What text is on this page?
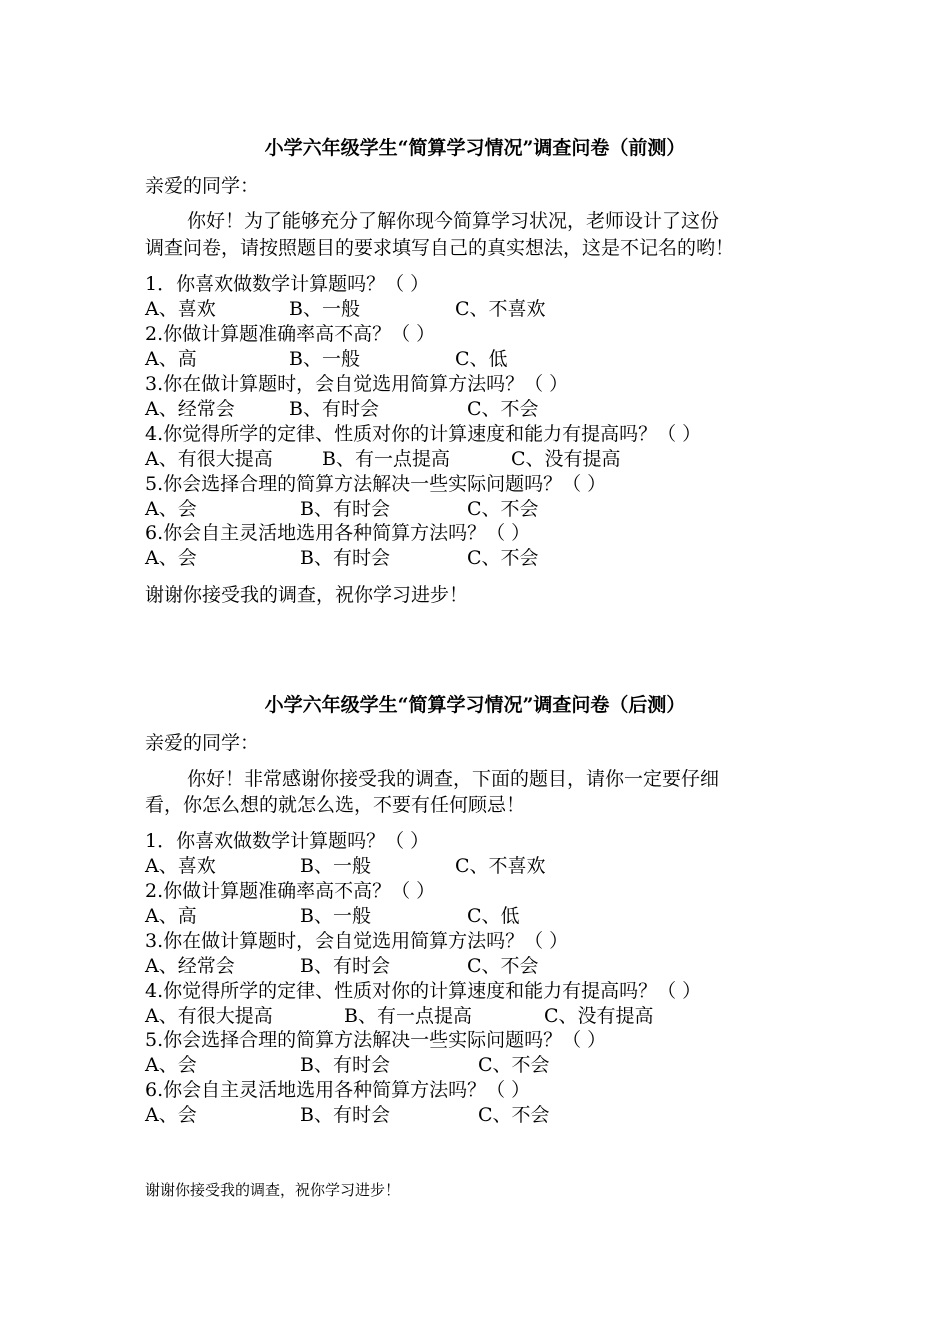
小学六年级学生“简算学习情况”调查问卷（前测）
亲爱的同学：
你好！为了能够充分了解你现今简算学习状况，老师设计了这份
调查问卷，请按照题目的要求填写自己的真实想法，这是不记名的哟！
1．你喜欢做数学计算题吗？（ ）
A、喜欢	B、一般	C、不喜欢
2.你做计算题准确率高不高？（ ）
A、高	B、一般	C、低
3.你在做计算题时，会自觉选用简算方法吗？（ ）
A、经常会	B、有时会	C、不会
4.你觉得所学的定律、性质对你的计算速度和能力有提高吗？（ ）
A、有很大提高	B、有一点提高	C、没有提高
5.你会选择合理的简算方法解决一些实际问题吗？（ ）
A、会	B、有时会	C、不会
6.你会自主灵活地选用各种简算方法吗？（ ）
A、会	B、有时会	C、不会
谢谢你接受我的调查，祝你学习进步！
小学六年级学生“简算学习情况”调查问卷（后测）
亲爱的同学：
你好！非常感谢你接受我的调查，下面的题目，请你一定要仔细
看，你怎么想的就怎么选，不要有任何顾忌！
1．你喜欢做数学计算题吗？（ ）
A、喜欢	B、一般	C、不喜欢
2.你做计算题准确率高不高？（ ）
A、高	B、一般	C、低
3.你在做计算题时，会自觉选用简算方法吗？（ ）
A、经常会	B、有时会	C、不会
4.你觉得所学的定律、性质对你的计算速度和能力有提高吗？（ ）
A、有很大提高	B、有一点提高	C、没有提高
5.你会选择合理的简算方法解决一些实际问题吗？（ ）
A、会	B、有时会	C、不会
6.你会自主灵活地选用各种简算方法吗？（ ）
A、会	B、有时会	C、不会
谢谢你接受我的调查，祝你学习进步！
